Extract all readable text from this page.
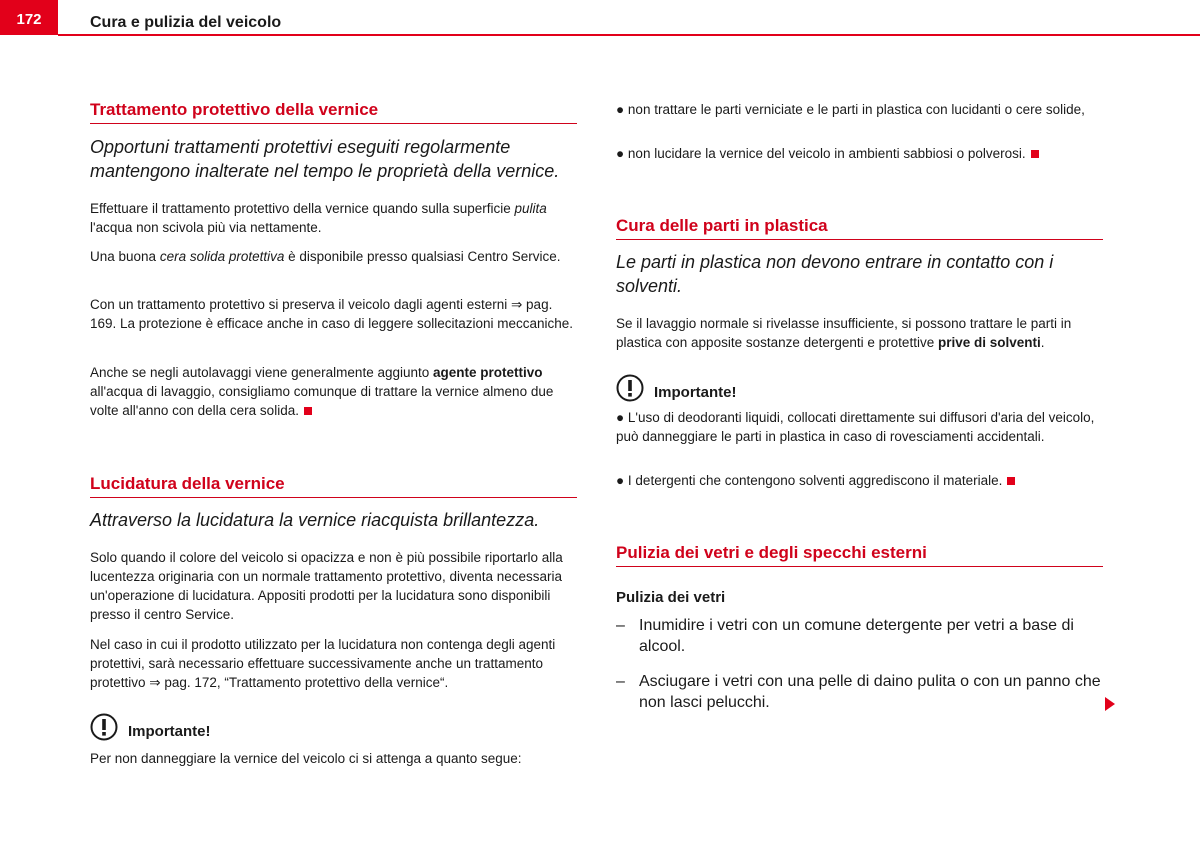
172	Cura e pulizia del veicolo
Trattamento protettivo della vernice
Opportuni trattamenti protettivi eseguiti regolarmente mantengono inalterate nel tempo le proprietà della vernice.
Effettuare il trattamento protettivo della vernice quando sulla superficie pulita l'acqua non scivola più via nettamente.
Una buona cera solida protettiva è disponibile presso qualsiasi Centro Service.
Con un trattamento protettivo si preserva il veicolo dagli agenti esterni ⇒ pag. 169. La protezione è efficace anche in caso di leggere sollecitazioni meccaniche.
Anche se negli autolavaggi viene generalmente aggiunto agente protettivo all'acqua di lavaggio, consigliamo comunque di trattare la vernice almeno due volte all'anno con della cera solida.
Lucidatura della vernice
Attraverso la lucidatura la vernice riacquista brillantezza.
Solo quando il colore del veicolo si opacizza e non è più possibile riportarlo alla lucentezza originaria con un normale trattamento protettivo, diventa necessaria un'operazione di lucidatura. Appositi prodotti per la lucidatura sono disponibili presso il centro Service.
Nel caso in cui il prodotto utilizzato per la lucidatura non contenga degli agenti protettivi, sarà necessario effettuare successivamente anche un trattamento protettivo ⇒ pag. 172, “Trattamento protettivo della vernice“.
Importante!
Per non danneggiare la vernice del veicolo ci si attenga a quanto segue:
● non trattare le parti verniciate e le parti in plastica con lucidanti o cere solide,
● non lucidare la vernice del veicolo in ambienti sabbiosi o polverosi.
Cura delle parti in plastica
Le parti in plastica non devono entrare in contatto con i solventi.
Se il lavaggio normale si rivelasse insufficiente, si possono trattare le parti in plastica con apposite sostanze detergenti e protettive prive di solventi.
Importante!
● L'uso di deodoranti liquidi, collocati direttamente sui diffusori d'aria del veicolo, può danneggiare le parti in plastica in caso di rovesciamenti accidentali.
● I detergenti che contengono solventi aggrediscono il materiale.
Pulizia dei vetri e degli specchi esterni
Pulizia dei vetri
– Inumidire i vetri con un comune detergente per vetri a base di alcool.
– Asciugare i vetri con una pelle di daino pulita o con un panno che non lasci pelucchi.
